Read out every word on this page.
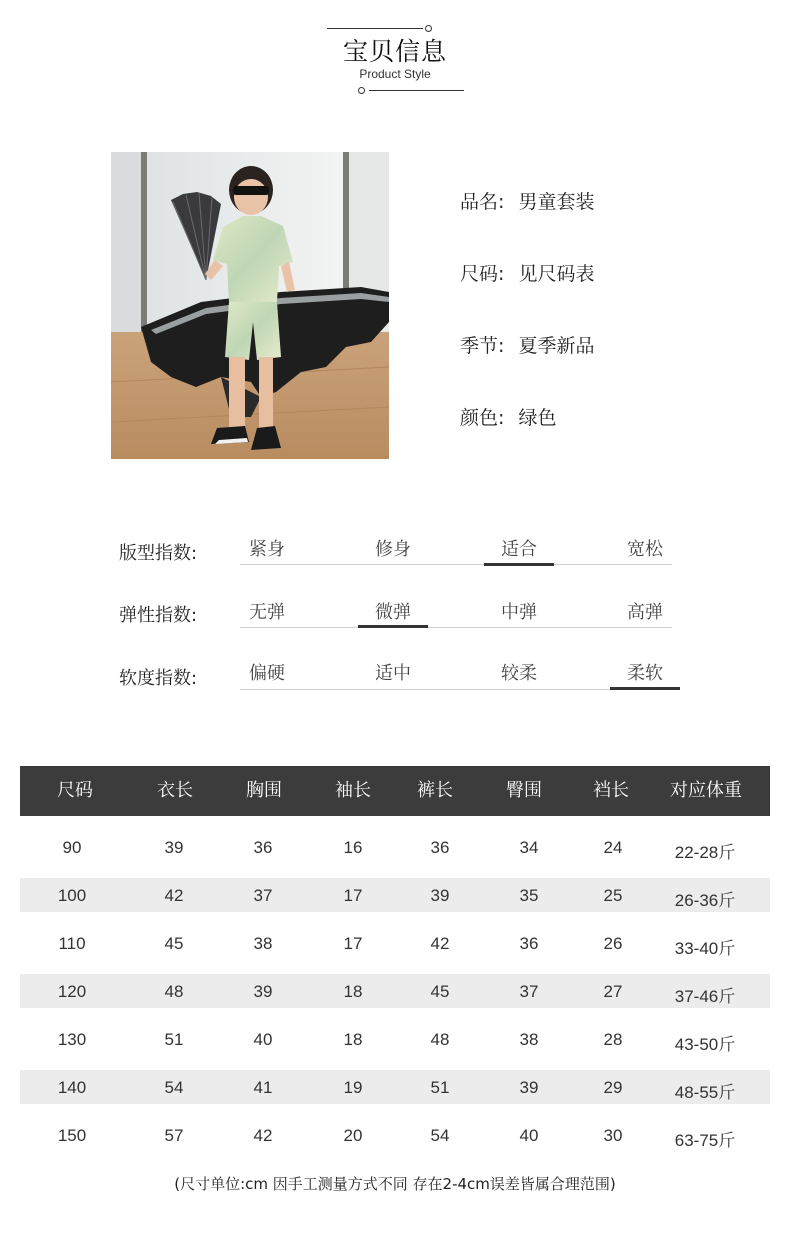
宝贝信息
Product Style
品名: 男童套装
尺码: 见尺码表
季节: 夏季新品
颜色: 绿色
版型指数:	紧身	修身	适合	宽松
弹性指数:	无弹	微弹	中弹	高弹
软度指数:	偏硬	适中	较柔	柔软
尺码	衣长	胸围	袖长	裤长	臀围	裆长	对应体重
90	39	36	16	36	34	24	22-28斤
100	42	37	17	39	35	25	26-36斤
110	45	38	17	42	36	26	33-40斤
120	48	39	18	45	37	27	37-46斤
130	51	40	18	48	38	28	43-50斤
140	54	41	19	51	39	29	48-55斤
150	57	42	20	54	40	30	63-75斤
(尺寸单位:cm 因手工测量方式不同 存在2-4cm误差皆属合理范围)
